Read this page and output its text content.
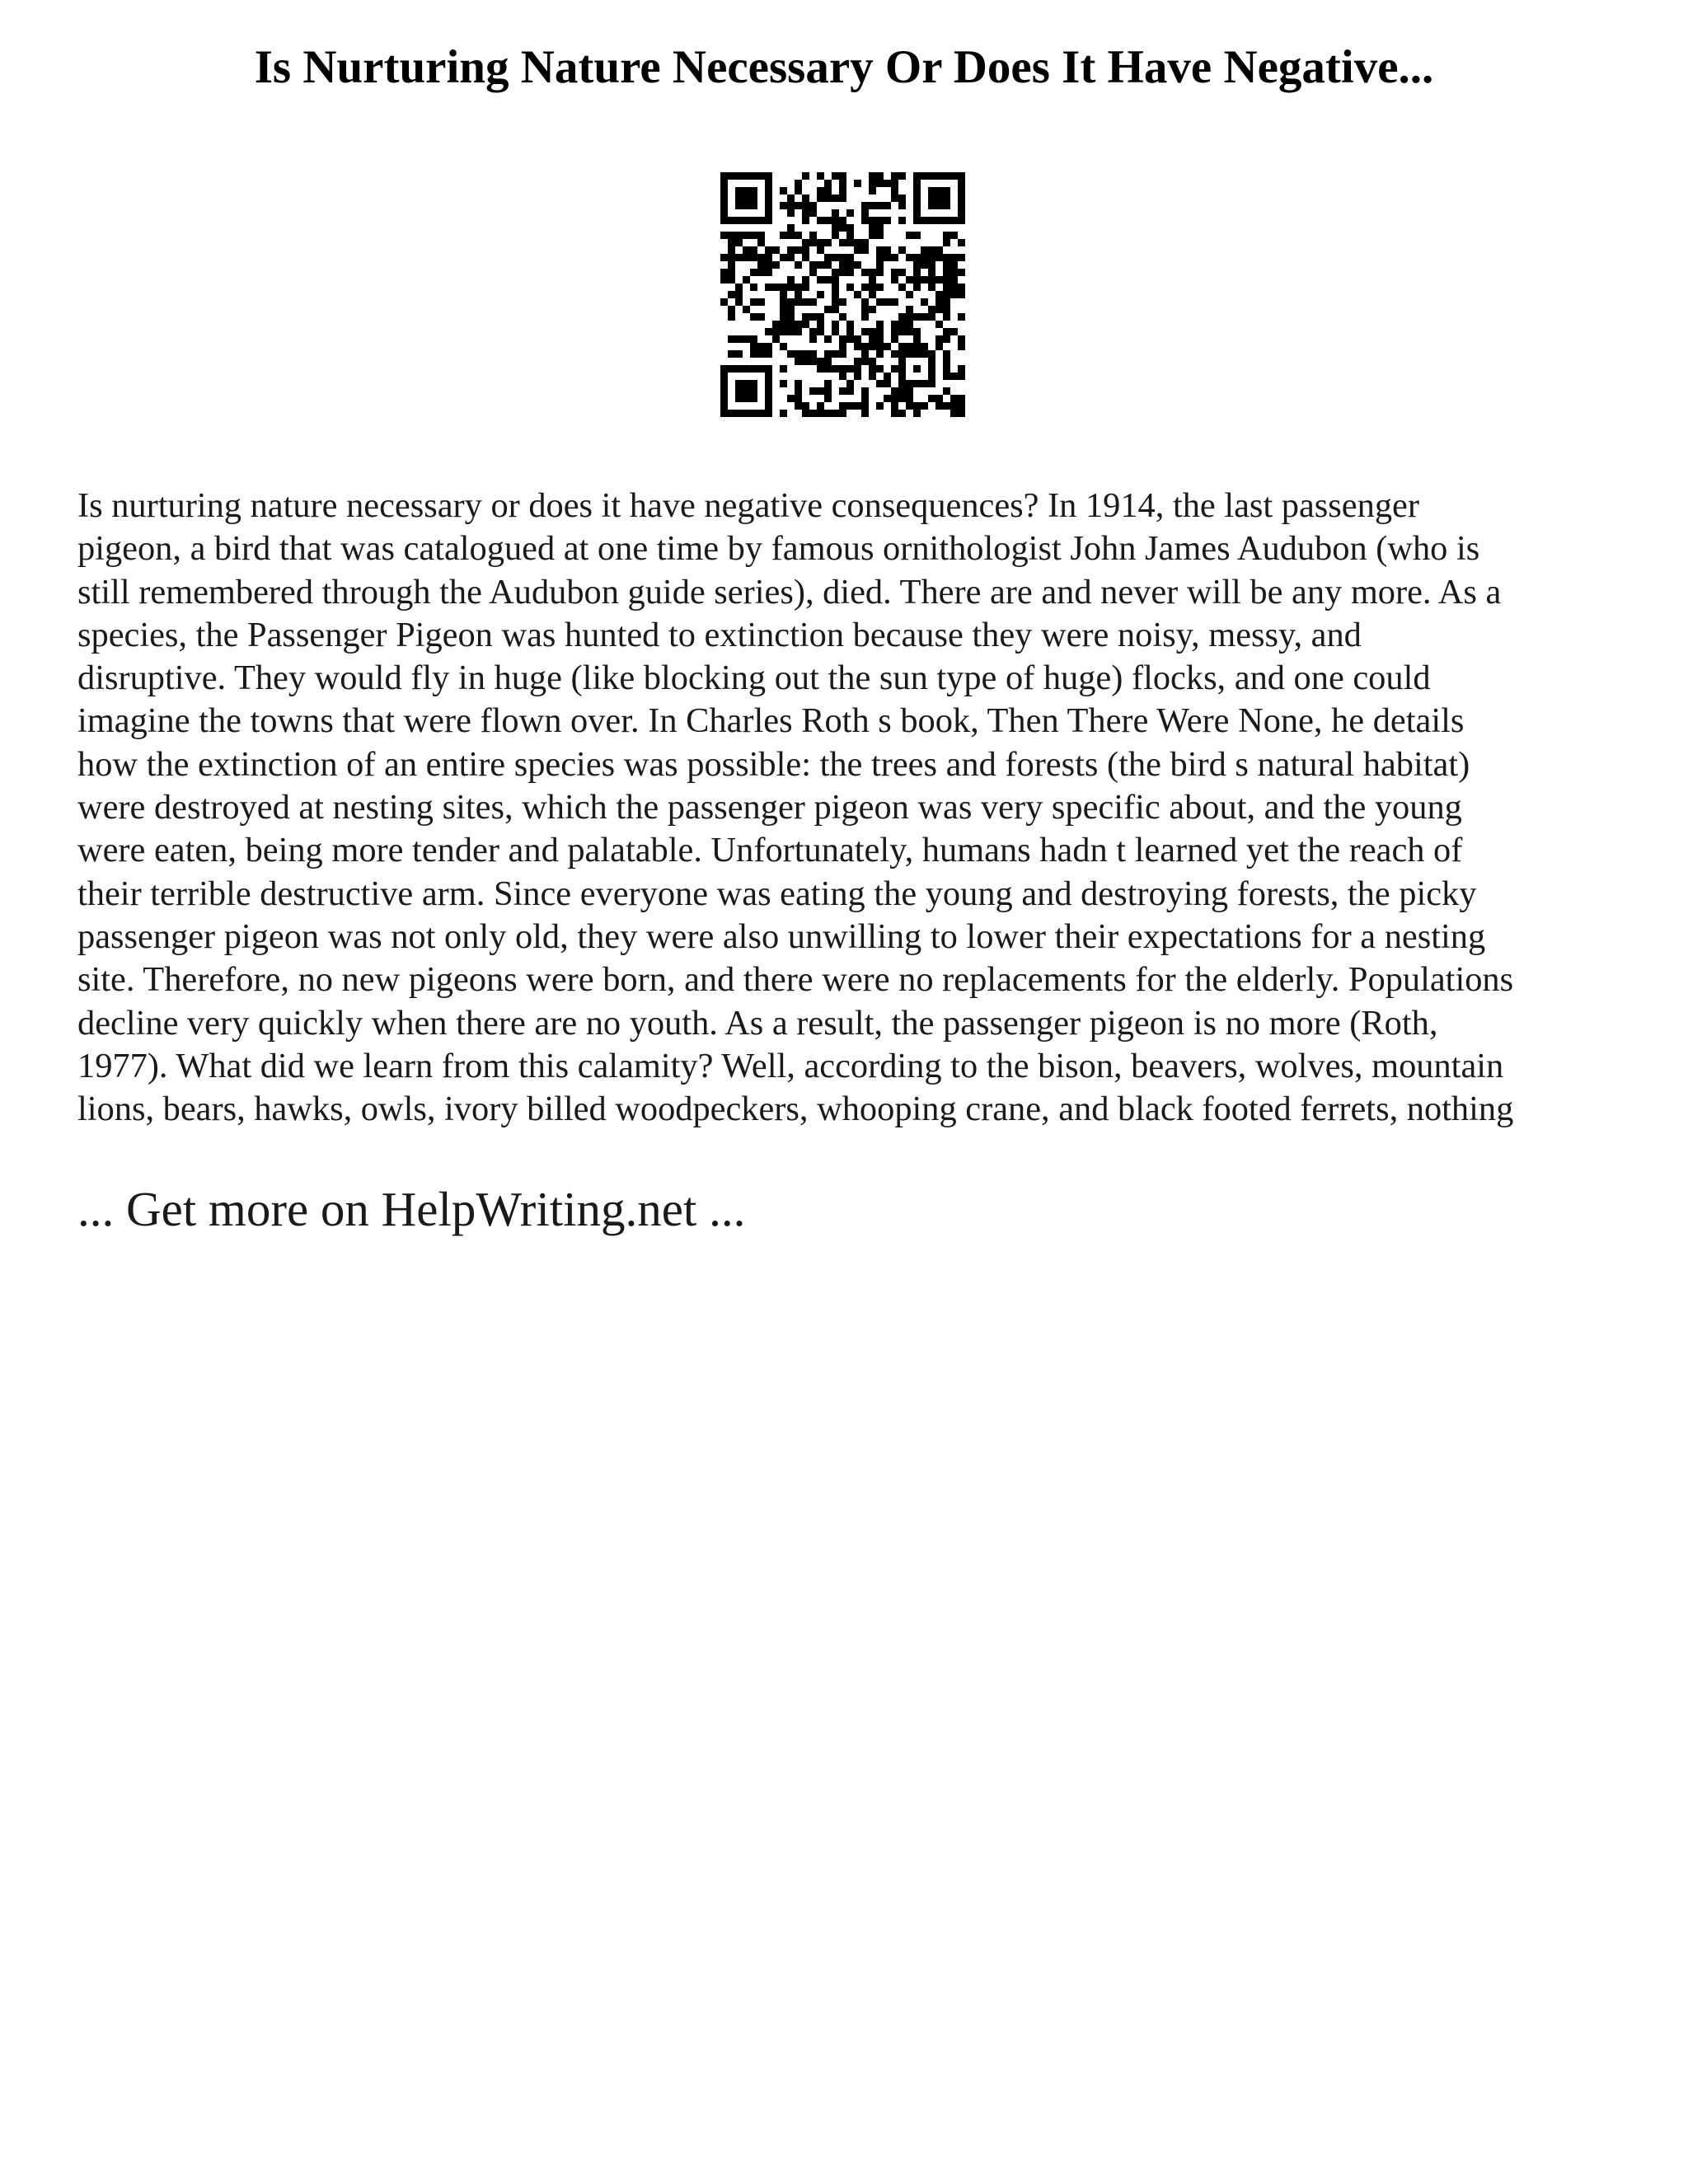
Is Nurturing Nature Necessary Or Does It Have Negative...

Is nurturing nature necessary or does it have negative consequences? In 1914, the last passenger
pigeon, a bird that was catalogued at one time by famous ornithologist John James Audubon (who is
still remembered through the Audubon guide series), died. There are and never will be any more. As a
species, the Passenger Pigeon was hunted to extinction because they were noisy, messy, and
disruptive. They would fly in huge (like blocking out the sun type of huge) flocks, and one could
imagine the towns that were flown over. In Charles Roth s book, Then There Were None, he details
how the extinction of an entire species was possible: the trees and forests (the bird s natural habitat)
were destroyed at nesting sites, which the passenger pigeon was very specific about, and the young
were eaten, being more tender and palatable. Unfortunately, humans hadn t learned yet the reach of
their terrible destructive arm. Since everyone was eating the young and destroying forests, the picky
passenger pigeon was not only old, they were also unwilling to lower their expectations for a nesting
site. Therefore, no new pigeons were born, and there were no replacements for the elderly. Populations
decline very quickly when there are no youth. As a result, the passenger pigeon is no more (Roth,
1977). What did we learn from this calamity? Well, according to the bison, beavers, wolves, mountain
lions, bears, hawks, owls, ivory billed woodpeckers, whooping crane, and black footed ferrets, nothing

... Get more on HelpWriting.net ...
